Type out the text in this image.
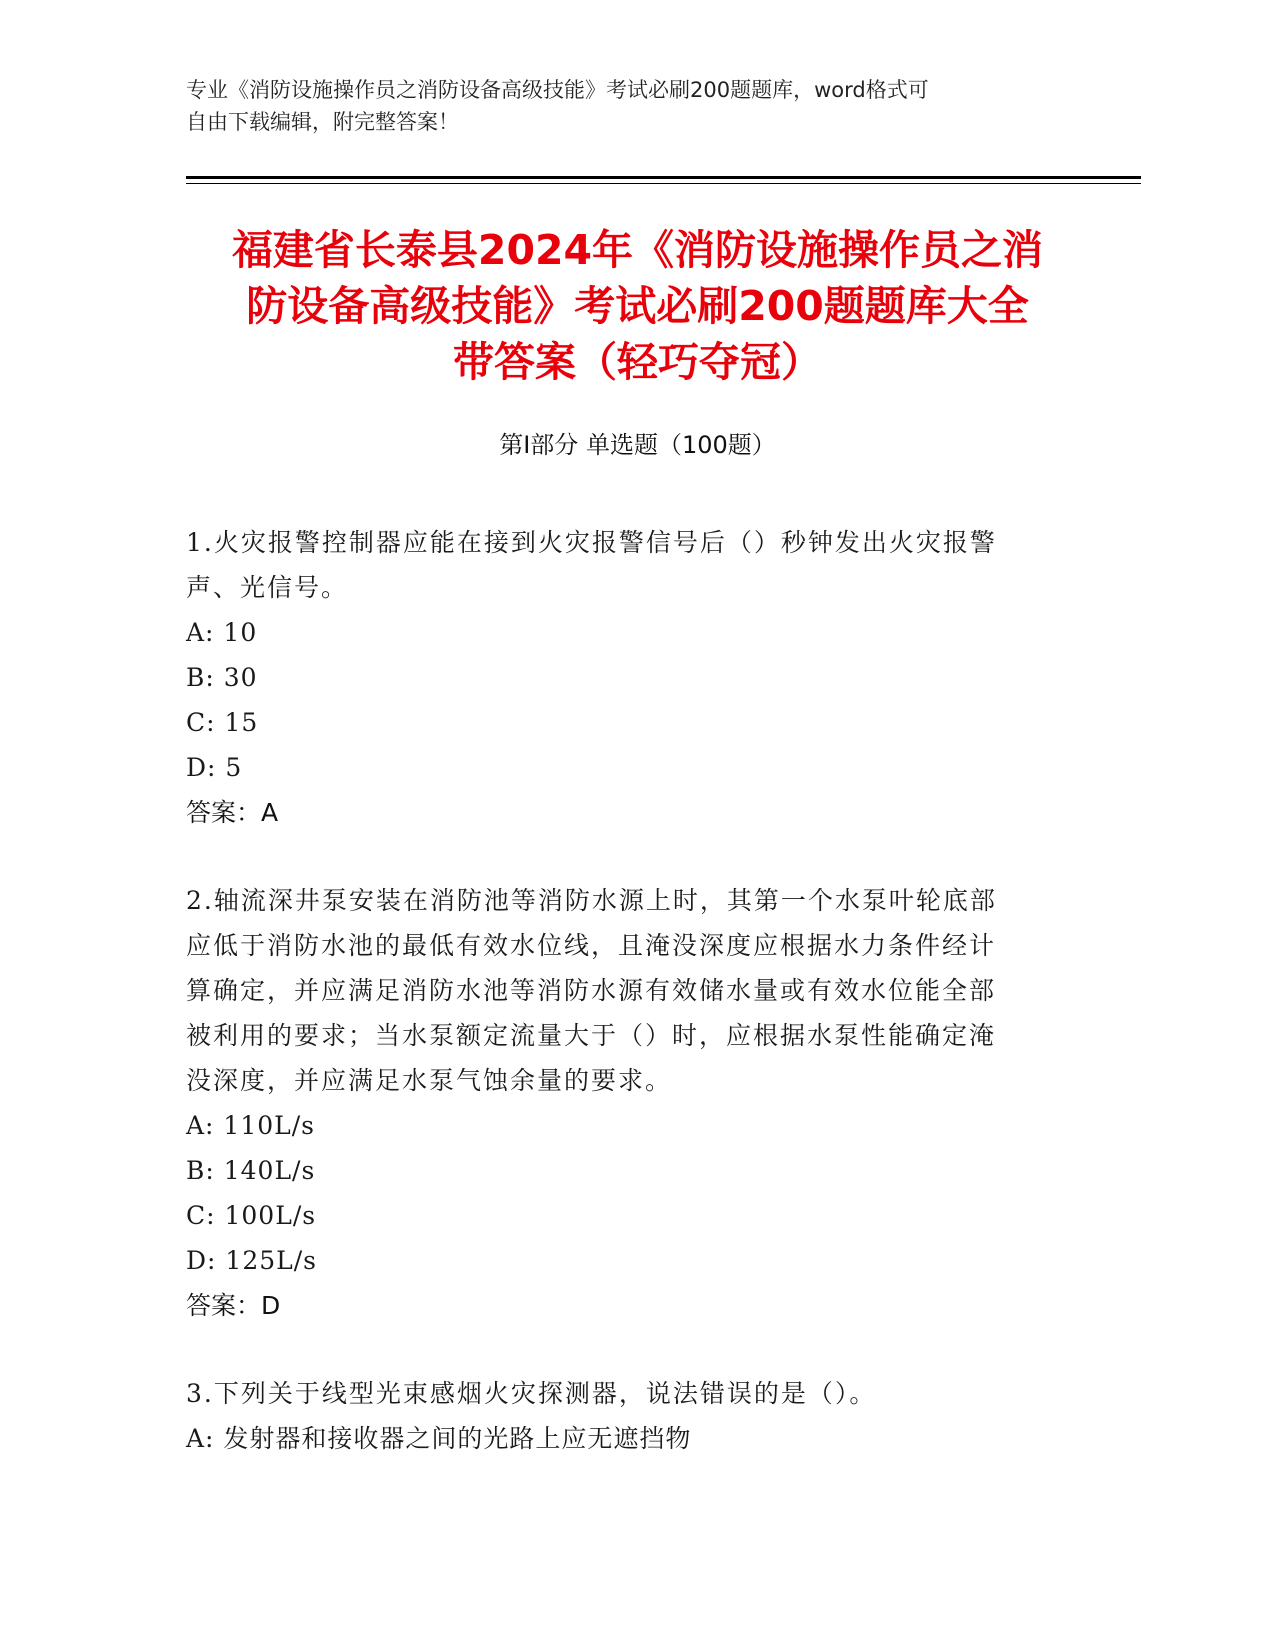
专业《消防设施操作员之消防设备高级技能》考试必刷200题题库，word格式可
自由下载编辑，附完整答案！
福建省长泰县2024年《消防设施操作员之消
防设备高级技能》考试必刷200题题库大全
带答案（轻巧夺冠）
第Ⅰ部分 单选题（100题）
1.火灾报警控制器应能在接到火灾报警信号后（）秒钟发出火灾报警
声、光信号。
A: 10
B: 30
C: 15
D: 5
答案：A
2.轴流深井泵安装在消防池等消防水源上时，其第一个水泵叶轮底部
应低于消防水池的最低有效水位线，且淹没深度应根据水力条件经计
算确定，并应满足消防水池等消防水源有效储水量或有效水位能全部
被利用的要求；当水泵额定流量大于（）时，应根据水泵性能确定淹
没深度，并应满足水泵气蚀余量的要求。
A: 110L/s
B: 140L/s
C: 100L/s
D: 125L/s
答案：D
3.下列关于线型光束感烟火灾探测器，说法错误的是（）。
A: 发射器和接收器之间的光路上应无遮挡物
